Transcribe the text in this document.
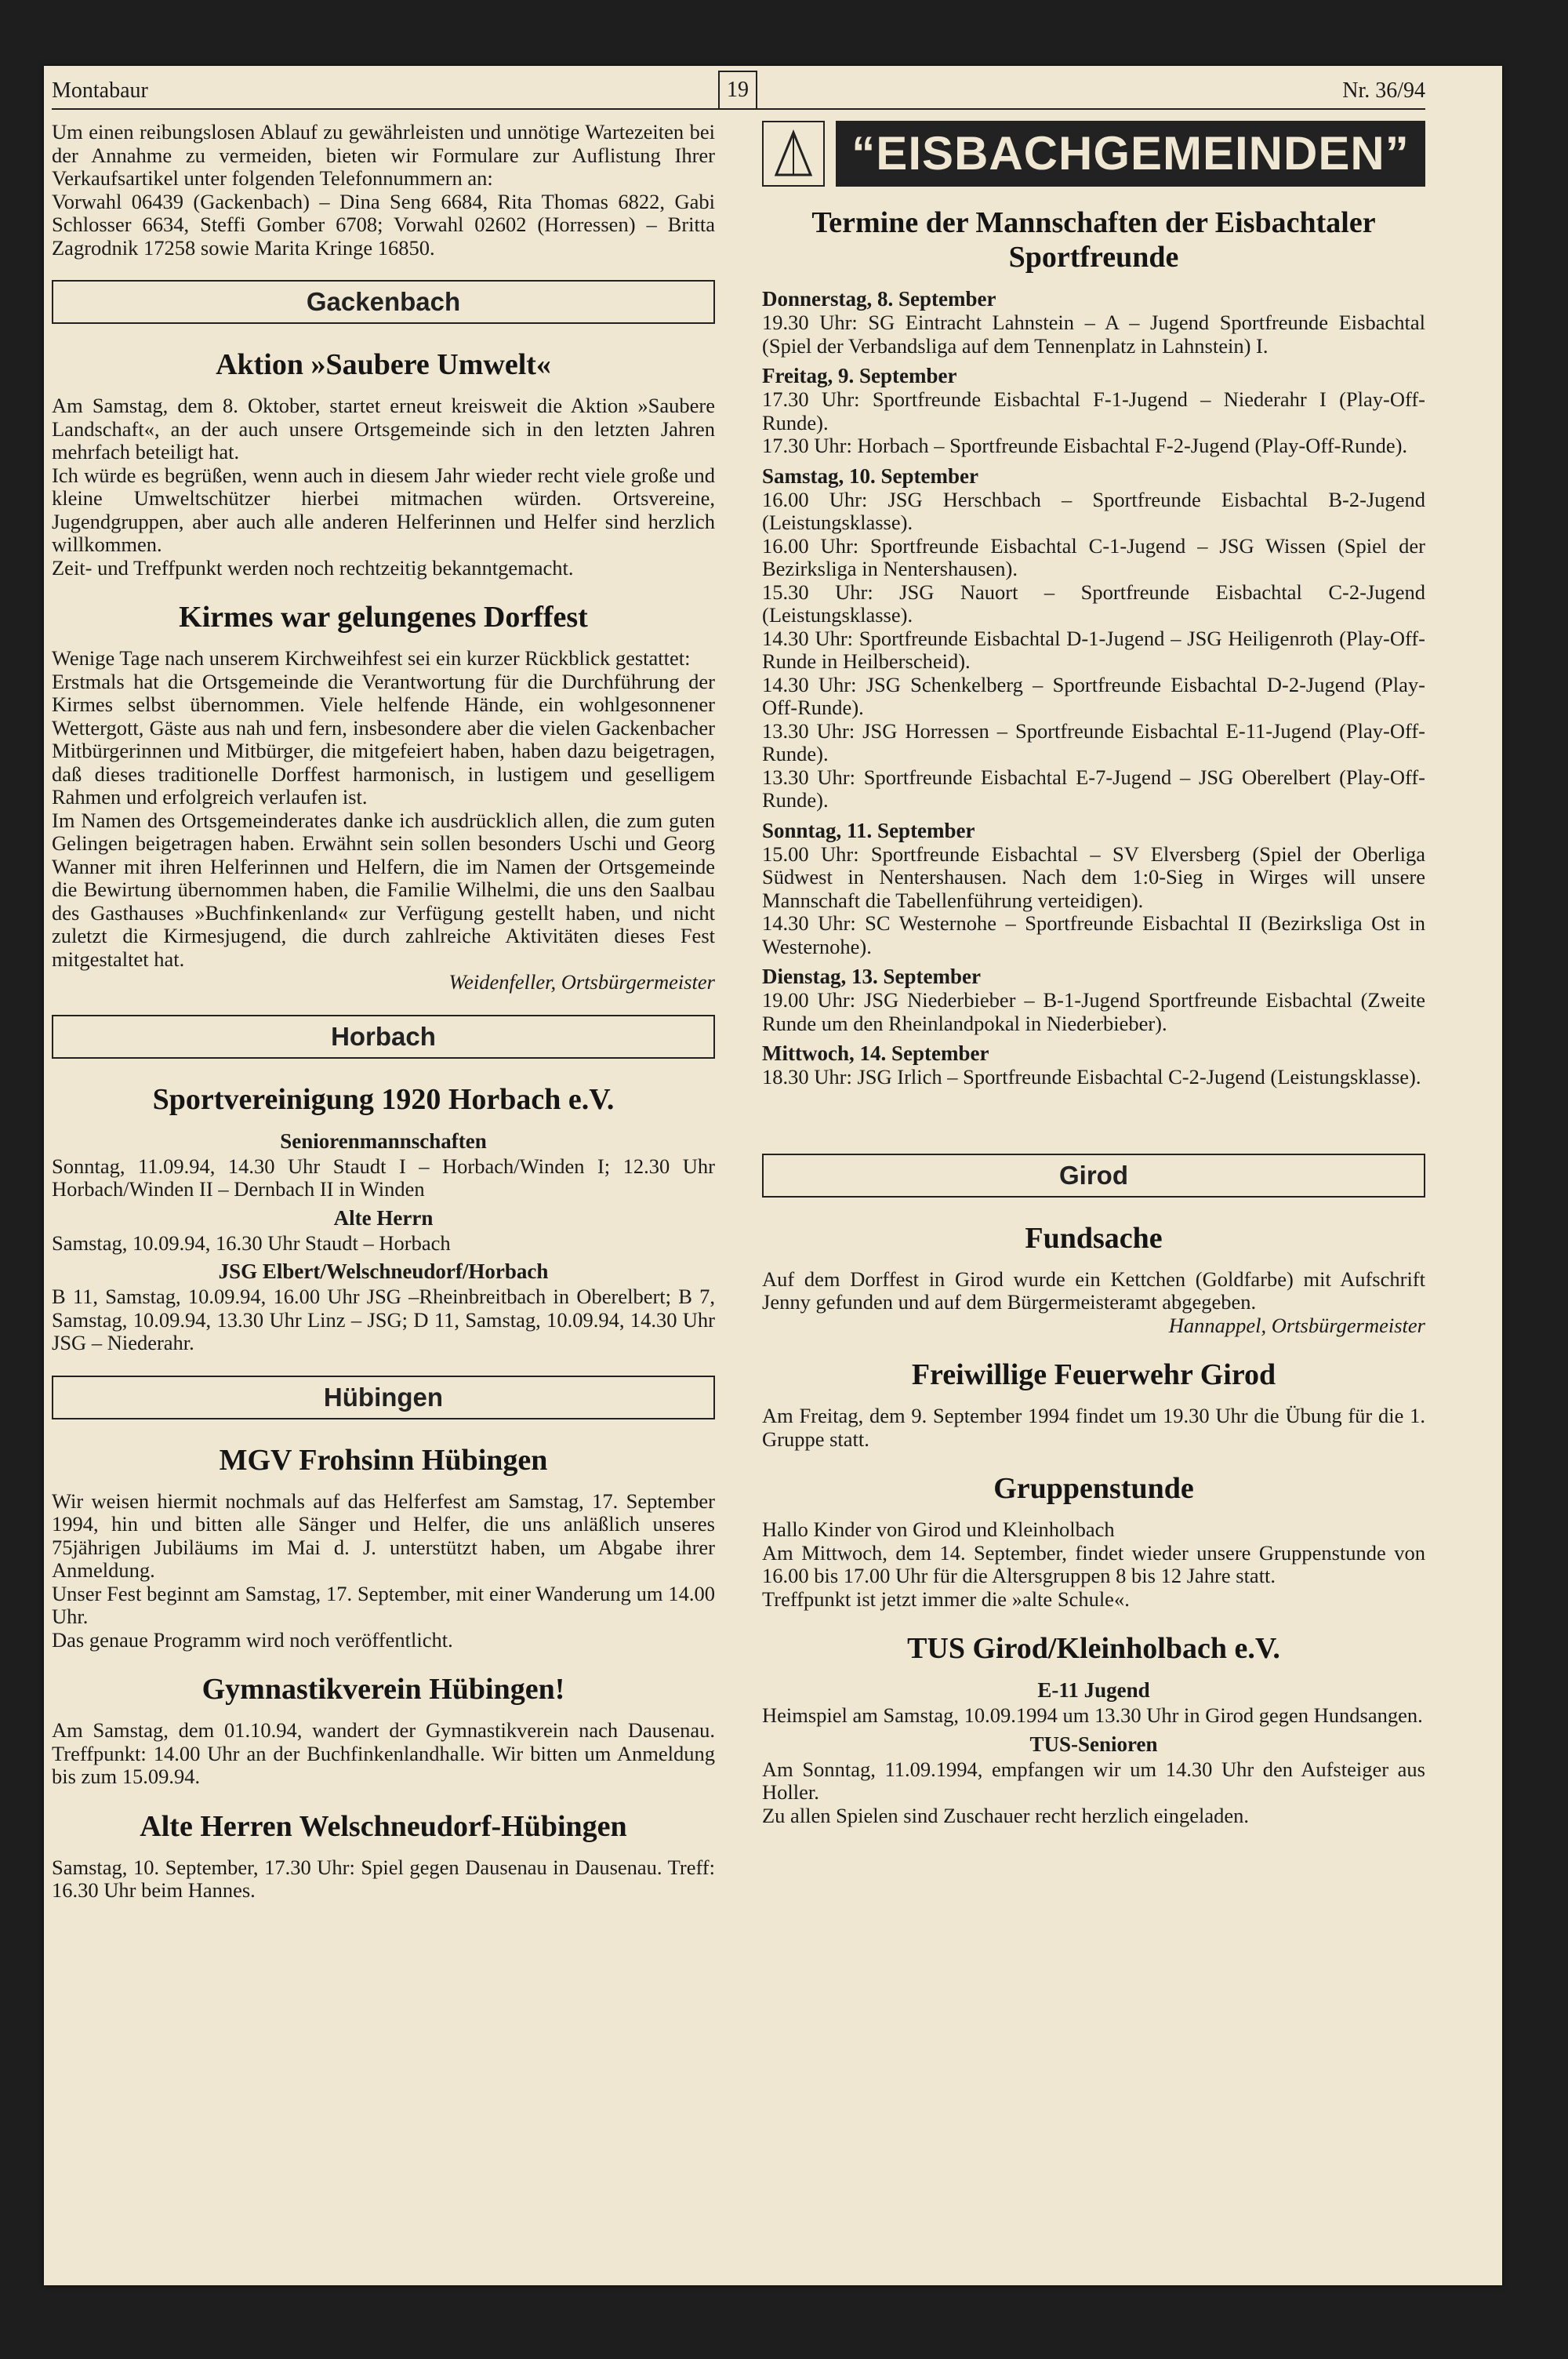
Montabaur	19	Nr. 36/94

Um einen reibungslosen Ablauf zu gewährleisten und unnötige Wartezeiten bei der Annahme zu vermeiden, bieten wir Formulare zur Auflistung Ihrer Verkaufsartikel unter folgenden Telefonnummern an:

Vorwahl 06439 (Gackenbach) – Dina Seng 6684, Rita Thomas 6822, Gabi Schlosser 6634, Steffi Gomber 6708; Vorwahl 02602 (Horressen) – Britta Zagrodnik 17258 sowie Marita Kringe 16850.

Gackenbach
Aktion »Saubere Umwelt«

Am Samstag, dem 8. Oktober, startet erneut kreisweit die Aktion »Saubere Landschaft«, an der auch unsere Ortsgemeinde sich in den letzten Jahren mehrfach beteiligt hat.

Ich würde es begrüßen, wenn auch in diesem Jahr wieder recht viele große und kleine Umweltschützer hierbei mitmachen würden. Ortsvereine, Jugendgruppen, aber auch alle anderen Helferinnen und Helfer sind herzlich willkommen.

Zeit- und Treffpunkt werden noch rechtzeitig bekanntgemacht.

Kirmes war gelungenes Dorffest

Wenige Tage nach unserem Kirchweihfest sei ein kurzer Rückblick gestattet:

Erstmals hat die Ortsgemeinde die Verantwortung für die Durchführung der Kirmes selbst übernommen. Viele helfende Hände, ein wohlgesonnener Wettergott, Gäste aus nah und fern, insbesondere aber die vielen Gackenbacher Mitbürgerinnen und Mitbürger, die mitgefeiert haben, haben dazu beigetragen, daß dieses traditionelle Dorffest harmonisch, in lustigem und geselligem Rahmen und erfolgreich verlaufen ist.

Im Namen des Ortsgemeinderates danke ich ausdrücklich allen, die zum guten Gelingen beigetragen haben. Erwähnt sein sollen besonders Uschi und Georg Wanner mit ihren Helferinnen und Helfern, die im Namen der Ortsgemeinde die Bewirtung übernommen haben, die Familie Wilhelmi, die uns den Saalbau des Gasthauses »Buchfinkenland« zur Verfügung gestellt haben, und nicht zuletzt die Kirmesjugend, die durch zahlreiche Aktivitäten dieses Fest mitgestaltet hat.

Weidenfeller, Ortsbürgermeister

Horbach
Sportvereinigung 1920 Horbach e.V.
Seniorenmannschaften

Sonntag, 11.09.94, 14.30 Uhr Staudt I – Horbach/Winden I; 12.30 Uhr Horbach/Winden II – Dernbach II in Winden

Alte Herrn

Samstag, 10.09.94, 16.30 Uhr Staudt – Horbach

JSG Elbert/Welschneudorf/Horbach

B 11, Samstag, 10.09.94, 16.00 Uhr JSG –Rheinbreitbach in Oberelbert; B 7, Samstag, 10.09.94, 13.30 Uhr Linz – JSG; D 11, Samstag, 10.09.94, 14.30 Uhr JSG – Niederahr.

Hübingen
MGV Frohsinn Hübingen

Wir weisen hiermit nochmals auf das Helferfest am Samstag, 17. September 1994, hin und bitten alle Sänger und Helfer, die uns anläßlich unseres 75jährigen Jubiläums im Mai d. J. unterstützt haben, um Abgabe ihrer Anmeldung.

Unser Fest beginnt am Samstag, 17. September, mit einer Wanderung um 14.00 Uhr.

Das genaue Programm wird noch veröffentlicht.

Gymnastikverein Hübingen!

Am Samstag, dem 01.10.94, wandert der Gymnastikverein nach Dausenau. Treffpunkt: 14.00 Uhr an der Buchfinkenlandhalle. Wir bitten um Anmeldung bis zum 15.09.94.

Alte Herren Welschneudorf-Hübingen

Samstag, 10. September, 17.30 Uhr: Spiel gegen Dausenau in Dausenau. Treff: 16.30 Uhr beim Hannes.

“EISBACHGEMEINDEN”
Termine der Mannschaften der Eisbachtaler Sportfreunde
Donnerstag, 8. September

19.30 Uhr: SG Eintracht Lahnstein – A – Jugend Sportfreunde Eisbachtal (Spiel der Verbandsliga auf dem Tennenplatz in Lahnstein) I.

Freitag, 9. September

17.30 Uhr: Sportfreunde Eisbachtal F-1-Jugend – Niederahr I (Play-Off-Runde).
17.30 Uhr: Horbach – Sportfreunde Eisbachtal F-2-Jugend (Play-Off-Runde).

Samstag, 10. September

16.00 Uhr: JSG Herschbach – Sportfreunde Eisbachtal B-2-Jugend (Leistungsklasse).
16.00 Uhr: Sportfreunde Eisbachtal C-1-Jugend – JSG Wissen (Spiel der Bezirksliga in Nentershausen).
15.30 Uhr: JSG Nauort – Sportfreunde Eisbachtal C-2-Jugend (Leistungsklasse).
14.30 Uhr: Sportfreunde Eisbachtal D-1-Jugend – JSG Heiligenroth (Play-Off-Runde in Heilberscheid).
14.30 Uhr: JSG Schenkelberg – Sportfreunde Eisbachtal D-2-Jugend (Play-Off-Runde).
13.30 Uhr: JSG Horressen – Sportfreunde Eisbachtal E-11-Jugend (Play-Off-Runde).
13.30 Uhr: Sportfreunde Eisbachtal E-7-Jugend – JSG Oberelbert (Play-Off-Runde).

Sonntag, 11. September

15.00 Uhr: Sportfreunde Eisbachtal – SV Elversberg (Spiel der Oberliga Südwest in Nentershausen. Nach dem 1:0-Sieg in Wirges will unsere Mannschaft die Tabellenführung verteidigen).
14.30 Uhr: SC Westernohe – Sportfreunde Eisbachtal II (Bezirksliga Ost in Westernohe).

Dienstag, 13. September

19.00 Uhr: JSG Niederbieber – B-1-Jugend Sportfreunde Eisbachtal (Zweite Runde um den Rheinlandpokal in Niederbieber).

Mittwoch, 14. September

18.30 Uhr: JSG Irlich – Sportfreunde Eisbachtal C-2-Jugend (Leistungsklasse).

Girod
Fundsache

Auf dem Dorffest in Girod wurde ein Kettchen (Goldfarbe) mit Aufschrift Jenny gefunden und auf dem Bürgermeisteramt abgegeben.

Hannappel, Ortsbürgermeister

Freiwillige Feuerwehr Girod

Am Freitag, dem 9. September 1994 findet um 19.30 Uhr die Übung für die 1. Gruppe statt.

Gruppenstunde

Hallo Kinder von Girod und Kleinholbach

Am Mittwoch, dem 14. September, findet wieder unsere Gruppenstunde von 16.00 bis 17.00 Uhr für die Altersgruppen 8 bis 12 Jahre statt.

Treffpunkt ist jetzt immer die »alte Schule«.

TUS Girod/Kleinholbach e.V.
E-11 Jugend

Heimspiel am Samstag, 10.09.1994 um 13.30 Uhr in Girod gegen Hundsangen.

TUS-Senioren

Am Sonntag, 11.09.1994, empfangen wir um 14.30 Uhr den Aufsteiger aus Holler.

Zu allen Spielen sind Zuschauer recht herzlich eingeladen.
